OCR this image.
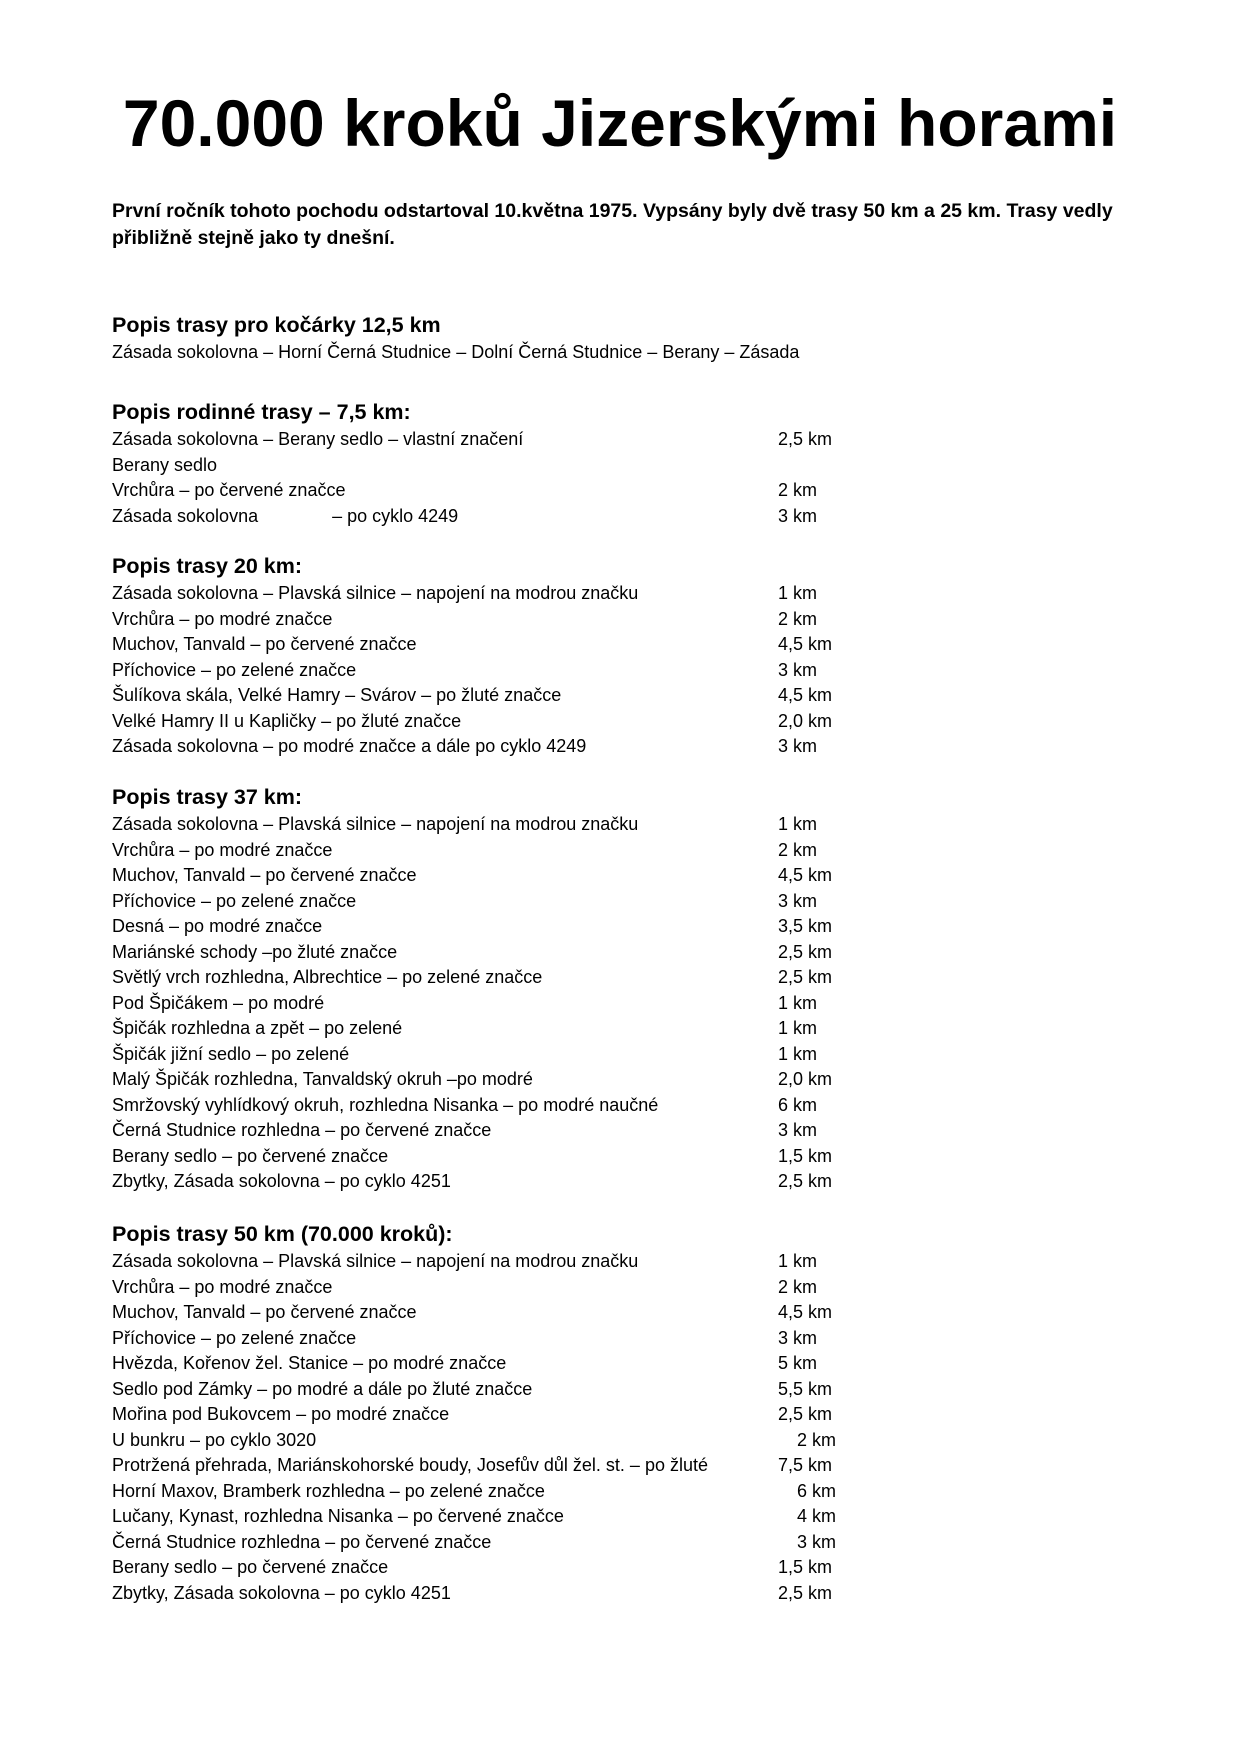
70.000 kroků Jizerskými horami
První ročník tohoto pochodu odstartoval 10.května 1975. Vypsány byly dvě trasy 50 km a 25 km. Trasy vedly přibližně stejně jako ty dnešní.
Popis trasy pro kočárky 12,5 km
Zásada sokolovna – Horní Černá Studnice – Dolní Černá Studnice – Berany – Zásada
Popis rodinné trasy – 7,5 km:
Zásada sokolovna – Berany sedlo – vlastní značení	2,5 km
Berany sedlo
Vrchůra – po červené značce	2 km
Zásada sokolovna	– po cyklo 4249	3 km
Popis trasy 20 km:
Zásada sokolovna – Plavská silnice – napojení na modrou značku	1 km
Vrchůra – po modré značce	2 km
Muchov, Tanvald – po červené značce	4,5 km
Příchovice – po zelené značce	3 km
Šulíkova skála, Velké Hamry – Svárov – po žluté značce	4,5 km
Velké Hamry II u Kapličky – po žluté značce	2,0 km
Zásada sokolovna – po modré značce a dále po cyklo 4249	3 km
Popis trasy 37 km:
Zásada sokolovna – Plavská silnice – napojení na modrou značku	1 km
Vrchůra – po modré značce	2 km
Muchov, Tanvald – po červené značce	4,5 km
Příchovice – po zelené značce	3 km
Desná – po modré značce	3,5 km
Mariánské schody –po žluté značce	2,5 km
Světlý vrch rozhledna, Albrechtice – po zelené značce	2,5 km
Pod Špičákem – po modré	1 km
Špičák rozhledna a zpět – po zelené	1 km
Špičák jižní sedlo – po zelené	1 km
Malý Špičák rozhledna, Tanvaldský okruh –po modré	2,0 km
Smržovský vyhlídkový okruh, rozhledna Nisanka – po modré naučné	6 km
Černá Studnice rozhledna – po červené značce	3 km
Berany sedlo – po červené značce	1,5 km
Zbytky, Zásada sokolovna – po cyklo 4251	2,5 km
Popis trasy 50 km (70.000 kroků):
Zásada sokolovna – Plavská silnice – napojení na modrou značku	1 km
Vrchůra – po modré značce	2 km
Muchov, Tanvald – po červené značce	4,5 km
Příchovice – po zelené značce	3 km
Hvězda, Kořenov žel. Stanice – po modré značce	5 km
Sedlo pod Zámky – po modré a dále po žluté značce	5,5 km
Mořina pod Bukovcem – po modré značce	2,5 km
U bunkru – po cyklo 3020	2 km
Protržená přehrada, Mariánskohorské boudy, Josefův důl žel. st. – po žluté	7,5 km
Horní Maxov, Bramberk rozhledna – po zelené značce	6 km
Lučany, Kynast, rozhledna Nisanka – po červené značce	4 km
Černá Studnice rozhledna – po červené značce	3 km
Berany sedlo – po červené značce	1,5 km
Zbytky, Zásada sokolovna – po cyklo 4251	2,5 km
